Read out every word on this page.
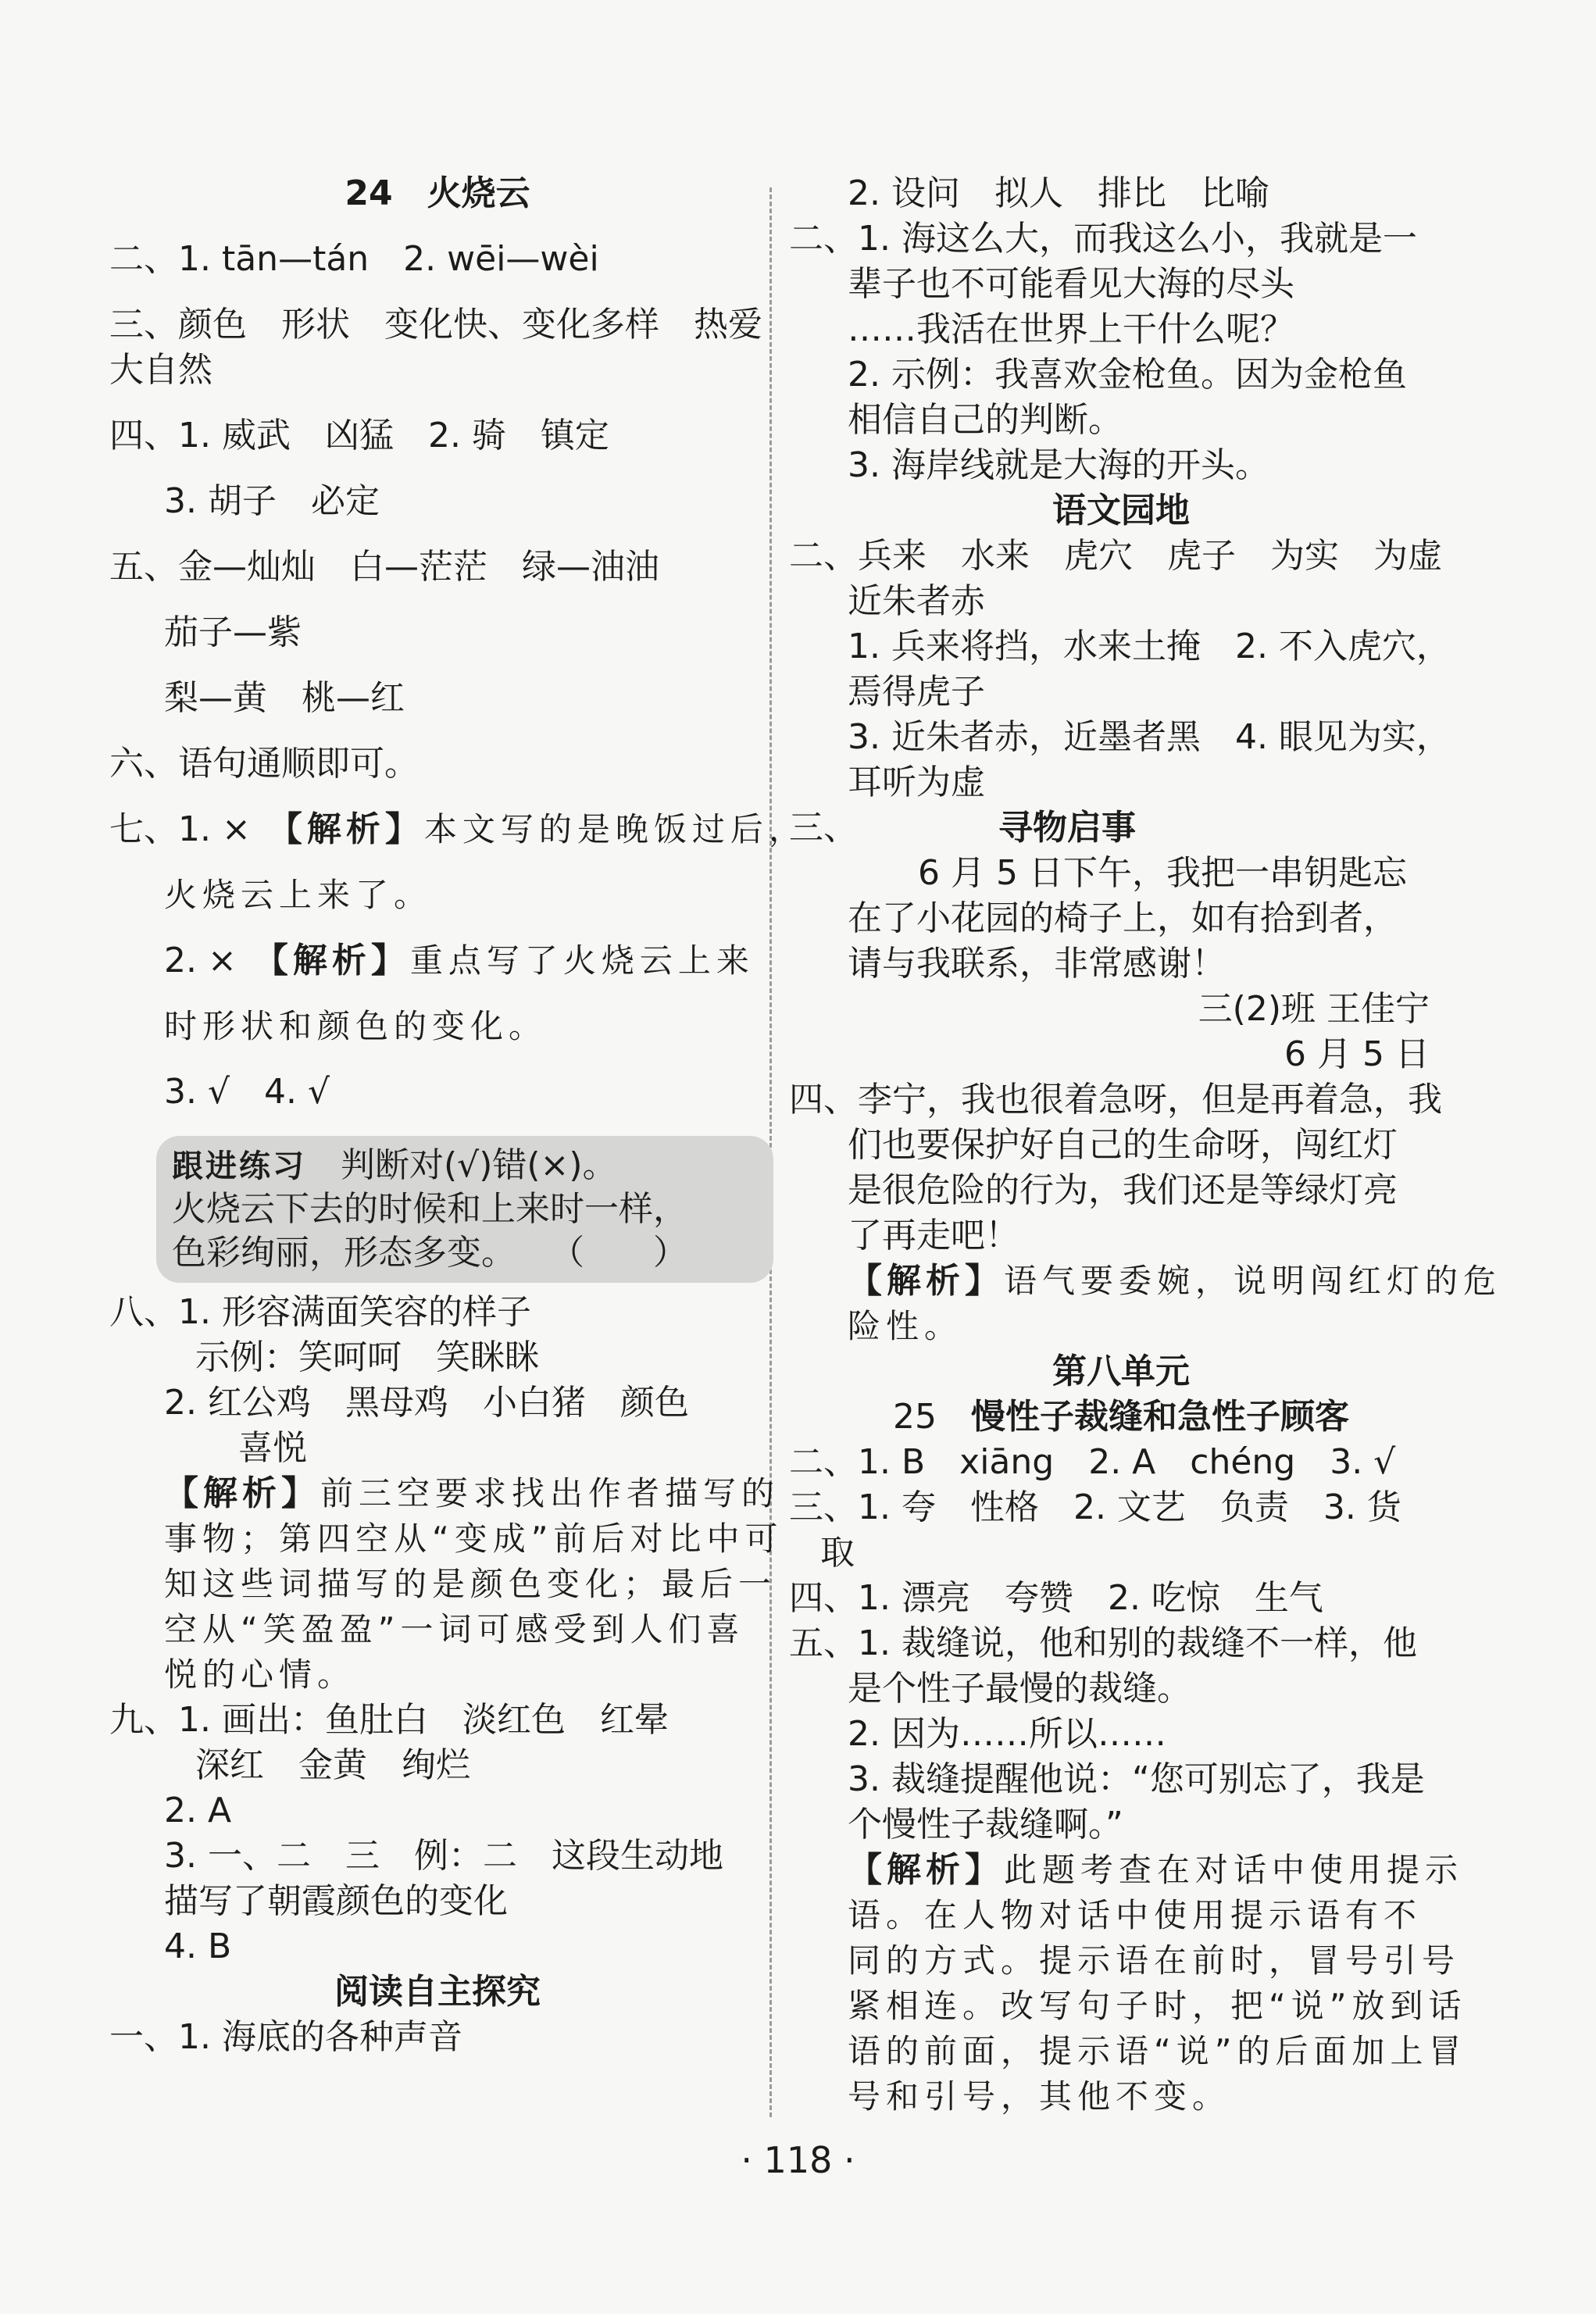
24　火烧云
二、1. tān—tán　2. wēi—wèi
三、颜色　形状　变化快、变化多样　热爱
大自然
四、1. 威武　凶猛　2. 骑　镇定
3. 胡子　必定
五、金—灿灿　白—茫茫　绿—油油
茄子—紫
梨—黄　桃—红
六、语句通顺即可。
七、1. ×　【解析】本文写的是晚饭过后，
火烧云上来了。
2. ×　【解析】重点写了火烧云上来
时形状和颜色的变化。
3. √　4. √
跟进练习　判断对(√)错(×)。
火烧云下去的时候和上来时一样，
色彩绚丽，形态多变。　　（　　）
八、1. 形容满面笑容的样子
示例：笑呵呵　笑眯眯
2. 红公鸡　黑母鸡　小白猪　颜色
喜悦
【解析】前三空要求找出作者描写的
事物；第四空从“变成”前后对比中可
知这些词描写的是颜色变化；最后一
空从“笑盈盈”一词可感受到人们喜
悦的心情。
九、1. 画出：鱼肚白　淡红色　红晕
深红　金黄　绚烂
2. A
3. 一、二　三　例：二　这段生动地
描写了朝霞颜色的变化
4. B
阅读自主探究
一、1. 海底的各种声音
2. 设问　拟人　排比　比喻
二、1. 海这么大，而我这么小，我就是一
辈子也不可能看见大海的尽头
……我活在世界上干什么呢？
2. 示例：我喜欢金枪鱼。因为金枪鱼
相信自己的判断。
3. 海岸线就是大海的开头。
语文园地
二、兵来　水来　虎穴　虎子　为实　为虚
近朱者赤
1. 兵来将挡，水来土掩　2. 不入虎穴，
焉得虎子
3. 近朱者赤，近墨者黑　4. 眼见为实，
耳听为虚
三、	寻物启事
6 月 5 日下午，我把一串钥匙忘
在了小花园的椅子上，如有拾到者，
请与我联系，非常感谢！
三(2)班 王佳宁
6 月 5 日
四、李宁，我也很着急呀，但是再着急，我
们也要保护好自己的生命呀，闯红灯
是很危险的行为，我们还是等绿灯亮
了再走吧！
【解析】语气要委婉，说明闯红灯的危
险性。
第八单元
25　慢性子裁缝和急性子顾客
二、1. B　xiāng　2. A　chéng　3. √
三、1. 夸　性格　2. 文艺　负责　3. 货
取
四、1. 漂亮　夸赞　2. 吃惊　生气
五、1. 裁缝说，他和别的裁缝不一样，他
是个性子最慢的裁缝。
2. 因为……所以……
3. 裁缝提醒他说：“您可别忘了，我是
个慢性子裁缝啊。”
【解析】此题考查在对话中使用提示
语。在人物对话中使用提示语有不
同的方式。提示语在前时，冒号引号
紧相连。改写句子时，把“说”放到话
语的前面，提示语“说”的后面加上冒
号和引号，其他不变。
· 118 ·
